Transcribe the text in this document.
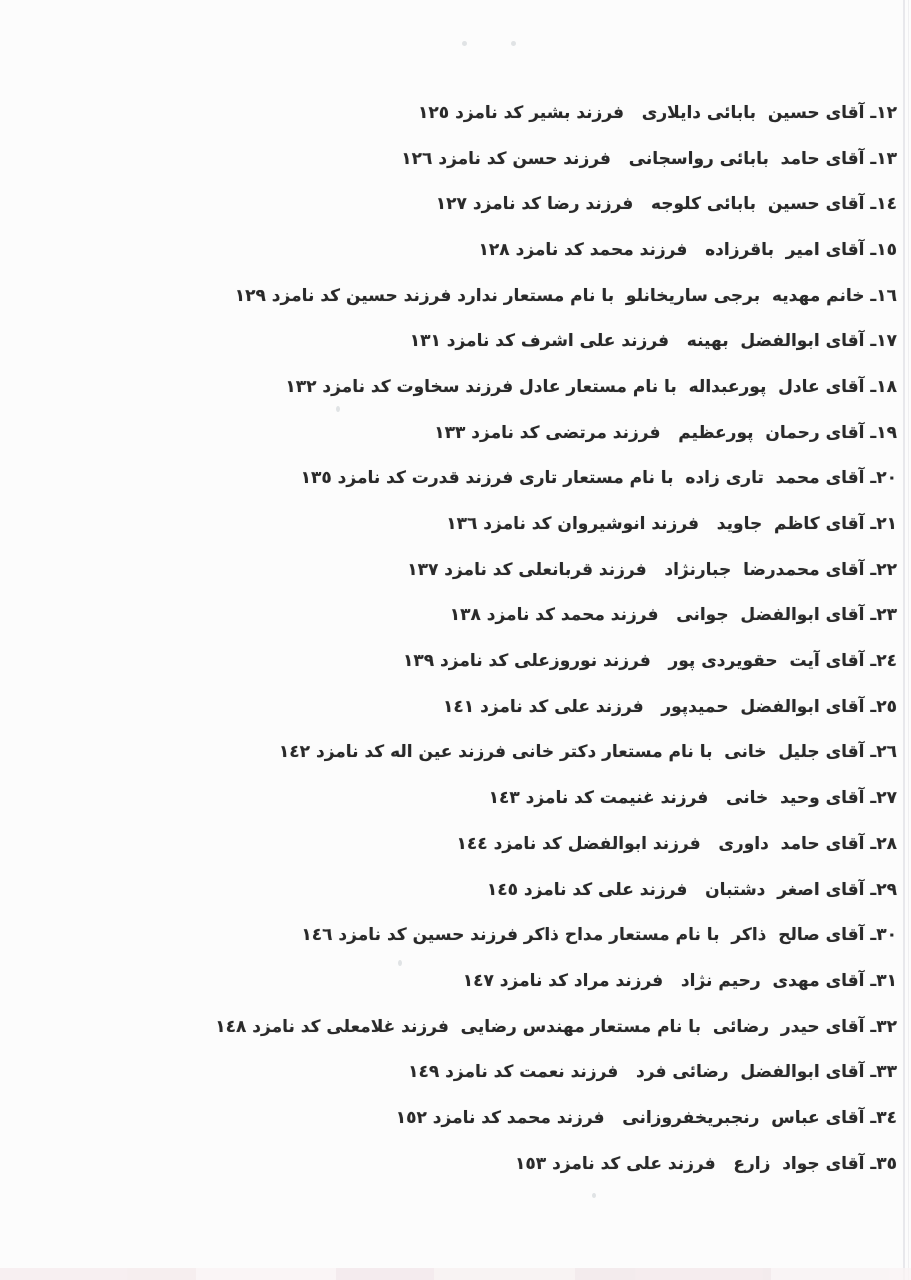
١٢ـ آقای حسین  بابائی دایلاری   فرزند بشیر کد نامزد ١٢٥
١٣ـ آقای حامد  بابائی رواسجانی   فرزند حسن کد نامزد ١٢٦
١٤ـ آقای حسین  بابائی کلوجه   فرزند رضا کد نامزد ١٢٧
١٥ـ آقای امیر  باقرزاده   فرزند محمد کد نامزد ١٢٨
١٦ـ خانم مهدیه  برجی ساریخانلو  با نام مستعار ندارد فرزند حسین کد نامزد ١٢٩
١٧ـ آقای ابوالفضل  بهینه   فرزند علی اشرف کد نامزد ١٣١
١٨ـ آقای عادل  پورعبداله  با نام مستعار عادل فرزند سخاوت کد نامزد ١٣٢
١٩ـ آقای رحمان  پورعظیم   فرزند مرتضی کد نامزد ١٣٣
٢٠ـ آقای محمد  تاری زاده  با نام مستعار تاری فرزند قدرت کد نامزد ١٣٥
٢١ـ آقای کاظم  جاوید   فرزند انوشیروان کد نامزد ١٣٦
٢٢ـ آقای محمدرضا  جبارنژاد   فرزند قربانعلی کد نامزد ١٣٧
٢٣ـ آقای ابوالفضل  جوانی   فرزند محمد کد نامزد ١٣٨
٢٤ـ آقای آیت  حقویردی پور   فرزند نوروزعلی کد نامزد ١٣٩
٢٥ـ آقای ابوالفضل  حمیدپور   فرزند علی کد نامزد ١٤١
٢٦ـ آقای جلیل  خانی  با نام مستعار دکتر خانی فرزند عین اله کد نامزد ١٤٢
٢٧ـ آقای وحید  خانی   فرزند غنیمت کد نامزد ١٤٣
٢٨ـ آقای حامد  داوری   فرزند ابوالفضل کد نامزد ١٤٤
٢٩ـ آقای اصغر  دشتبان   فرزند علی کد نامزد ١٤٥
٣٠ـ آقای صالح  ذاکر  با نام مستعار مداح ذاکر فرزند حسین کد نامزد ١٤٦
٣١ـ آقای مهدی  رحیم نژاد   فرزند مراد کد نامزد ١٤٧
٣٢ـ آقای حیدر  رضائی  با نام مستعار مهندس رضایی  فرزند غلامعلی کد نامزد ١٤٨
٣٣ـ آقای ابوالفضل  رضائی فرد   فرزند نعمت کد نامزد ١٤٩
٣٤ـ آقای عباس  رنجبریخفروزانی   فرزند محمد کد نامزد ١٥٢
٣٥ـ آقای جواد  زارع   فرزند علی کد نامزد ١٥٣
